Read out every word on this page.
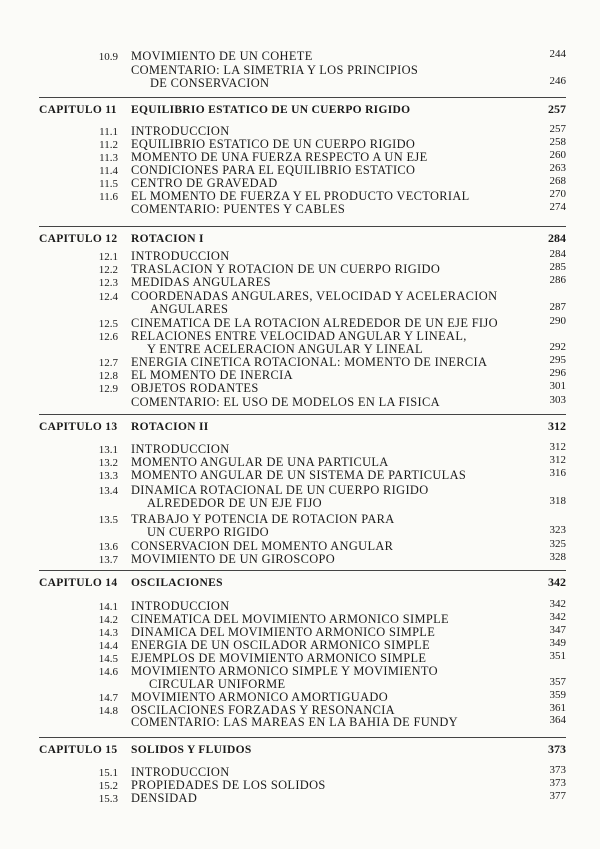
10.9 MOVIMIENTO DE UN COHETE	244
COMENTARIO: LA SIMETRIA Y LOS PRINCIPIOS
DE CONSERVACION	246
CAPITULO 11 EQUILIBRIO ESTATICO DE UN CUERPO RIGIDO	257
11.1 INTRODUCCION	257
11.2 EQUILIBRIO ESTATICO DE UN CUERPO RIGIDO	258
11.3 MOMENTO DE UNA FUERZA RESPECTO A UN EJE	260
11.4 CONDICIONES PARA EL EQUILIBRIO ESTATICO	263
11.5 CENTRO DE GRAVEDAD	268
11.6 EL MOMENTO DE FUERZA Y EL PRODUCTO VECTORIAL	270
COMENTARIO: PUENTES Y CABLES	274
CAPITULO 12 ROTACION I	284
12.1 INTRODUCCION	284
12.2 TRASLACION Y ROTACION DE UN CUERPO RIGIDO	285
12.3 MEDIDAS ANGULARES	286
12.4 COORDENADAS ANGULARES, VELOCIDAD Y ACELERACION
ANGULARES	287
12.5 CINEMATICA DE LA ROTACION ALREDEDOR DE UN EJE FIJO	290
12.6 RELACIONES ENTRE VELOCIDAD ANGULAR Y LINEAL,
Y ENTRE ACELERACION ANGULAR Y LINEAL	292
12.7 ENERGIA CINETICA ROTACIONAL: MOMENTO DE INERCIA	295
12.8 EL MOMENTO DE INERCIA	296
12.9 OBJETOS RODANTES	301
COMENTARIO: EL USO DE MODELOS EN LA FISICA	303
CAPITULO 13 ROTACION II	312
13.1 INTRODUCCION	312
13.2 MOMENTO ANGULAR DE UNA PARTICULA	312
13.3 MOMENTO ANGULAR DE UN SISTEMA DE PARTICULAS	316
13.4 DINAMICA ROTACIONAL DE UN CUERPO RIGIDO
ALREDEDOR DE UN EJE FIJO	318
13.5 TRABAJO Y POTENCIA DE ROTACION PARA
UN CUERPO RIGIDO	323
13.6 CONSERVACION DEL MOMENTO ANGULAR	325
13.7 MOVIMIENTO DE UN GIROSCOPO	328
CAPITULO 14 OSCILACIONES	342
14.1 INTRODUCCION	342
14.2 CINEMATICA DEL MOVIMIENTO ARMONICO SIMPLE	342
14.3 DINAMICA DEL MOVIMIENTO ARMONICO SIMPLE	347
14.4 ENERGIA DE UN OSCILADOR ARMONICO SIMPLE	349
14.5 EJEMPLOS DE MOVIMIENTO ARMONICO SIMPLE	351
14.6 MOVIMIENTO ARMONICO SIMPLE Y MOVIMIENTO
CIRCULAR UNIFORME	357
14.7 MOVIMIENTO ARMONICO AMORTIGUADO	359
14.8 OSCILACIONES FORZADAS Y RESONANCIA	361
COMENTARIO: LAS MAREAS EN LA BAHIA DE FUNDY	364
CAPITULO 15 SOLIDOS Y FLUIDOS	373
15.1 INTRODUCCION	373
15.2 PROPIEDADES DE LOS SOLIDOS	373
15.3 DENSIDAD	377
